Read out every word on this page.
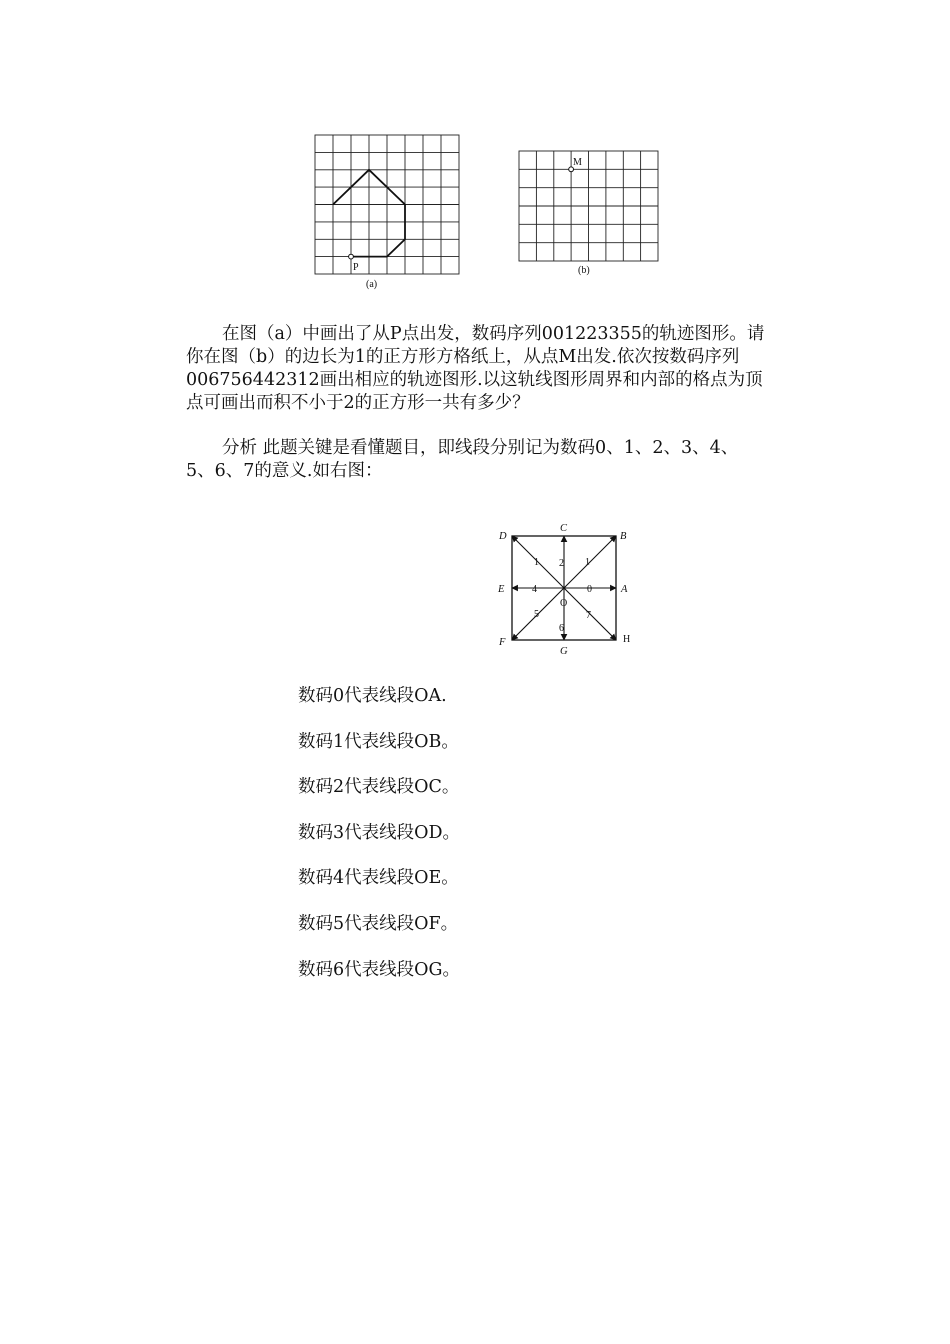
P
(a)
M
(b)
在图（a）中画出了从P点出发，数码序列001223355的轨迹图形。请
你在图（b）的边长为1的正方形方格纸上，从点M出发.依次按数码序列
006756442312画出相应的轨迹图形.以这轨线图形周界和内部的格点为顶
点可画出而积不小于2的正方形一共有多少？
分析 此题关键是看懂题目，即线段分别记为数码0、1、2、3、4、
5、6、7的意义.如右图：
C
B
D
A
E
F
G
H
O
0
1
2
1
4
5
6
7
数码0代表线段OA.
数码1代表线段OB。
数码2代表线段OC。
数码3代表线段OD。
数码4代表线段OE。
数码5代表线段OF。
数码6代表线段OG。
